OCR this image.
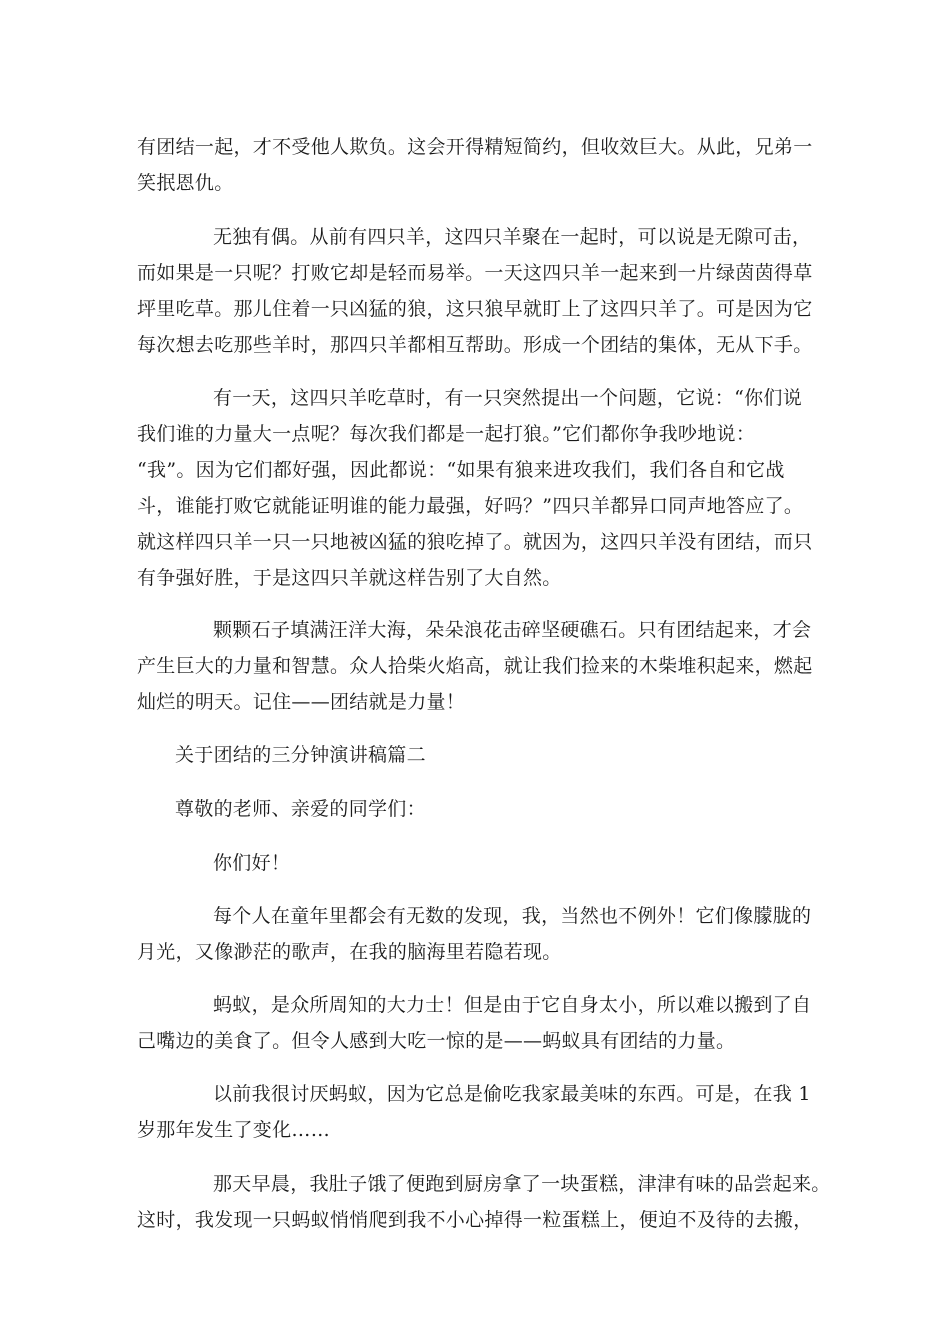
有团结一起，才不受他人欺负。这会开得精短简约，但收效巨大。从此，兄弟一
笑抿恩仇。
无独有偶。从前有四只羊，这四只羊聚在一起时，可以说是无隙可击，
而如果是一只呢？打败它却是轻而易举。一天这四只羊一起来到一片绿茵茵得草
坪里吃草。那儿住着一只凶猛的狼，这只狼早就盯上了这四只羊了。可是因为它
每次想去吃那些羊时，那四只羊都相互帮助。形成一个团结的集体，无从下手。
有一天，这四只羊吃草时，有一只突然提出一个问题，它说：“你们说
我们谁的力量大一点呢？每次我们都是一起打狼。”它们都你争我吵地说：
“我”。因为它们都好强，因此都说：“如果有狼来进攻我们，我们各自和它战
斗，谁能打败它就能证明谁的能力最强，好吗？”四只羊都异口同声地答应了。
就这样四只羊一只一只地被凶猛的狼吃掉了。就因为，这四只羊没有团结，而只
有争强好胜，于是这四只羊就这样告别了大自然。
颗颗石子填满汪洋大海，朵朵浪花击碎坚硬礁石。只有团结起来，才会
产生巨大的力量和智慧。众人拾柴火焰高，就让我们捡来的木柴堆积起来，燃起
灿烂的明天。记住——团结就是力量！
关于团结的三分钟演讲稿篇二
尊敬的老师、亲爱的同学们：
你们好！
每个人在童年里都会有无数的发现，我，当然也不例外！它们像朦胧的
月光，又像渺茫的歌声，在我的脑海里若隐若现。
蚂蚁，是众所周知的大力士！但是由于它自身太小，所以难以搬到了自
己嘴边的美食了。但令人感到大吃一惊的是——蚂蚁具有团结的力量。
以前我很讨厌蚂蚁，因为它总是偷吃我家最美味的东西。可是，在我 1
岁那年发生了变化……
那天早晨，我肚子饿了便跑到厨房拿了一块蛋糕，津津有味的品尝起来。
这时，我发现一只蚂蚁悄悄爬到我不小心掉得一粒蛋糕上，便迫不及待的去搬，
